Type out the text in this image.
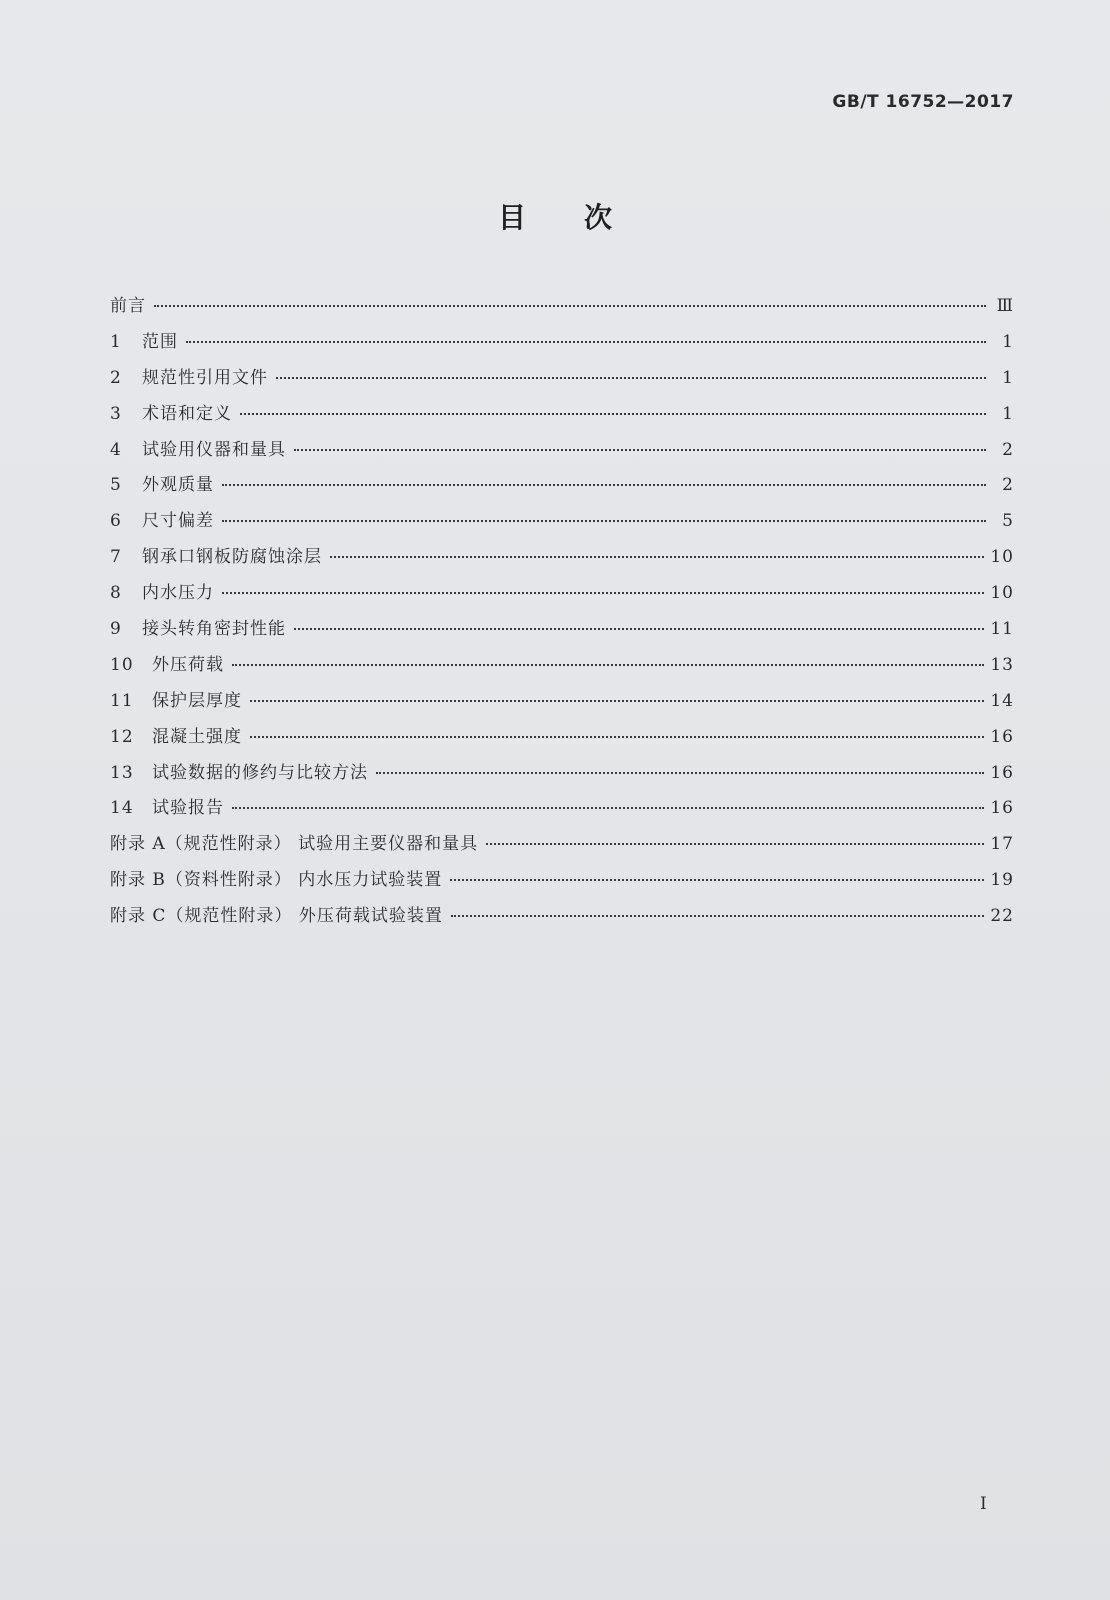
GB/T 16752—2017
目次
前言	Ⅲ
1	范围	1
2	规范性引用文件	1
3	术语和定义	1
4	试验用仪器和量具	2
5	外观质量	2
6	尺寸偏差	5
7	钢承口钢板防腐蚀涂层	10
8	内水压力	10
9	接头转角密封性能	11
10	外压荷载	13
11	保护层厚度	14
12	混凝土强度	16
13	试验数据的修约与比较方法	16
14	试验报告	16
附录 A（规范性附录） 试验用主要仪器和量具	17
附录 B（资料性附录） 内水压力试验装置	19
附录 C（规范性附录） 外压荷载试验装置	22
I
